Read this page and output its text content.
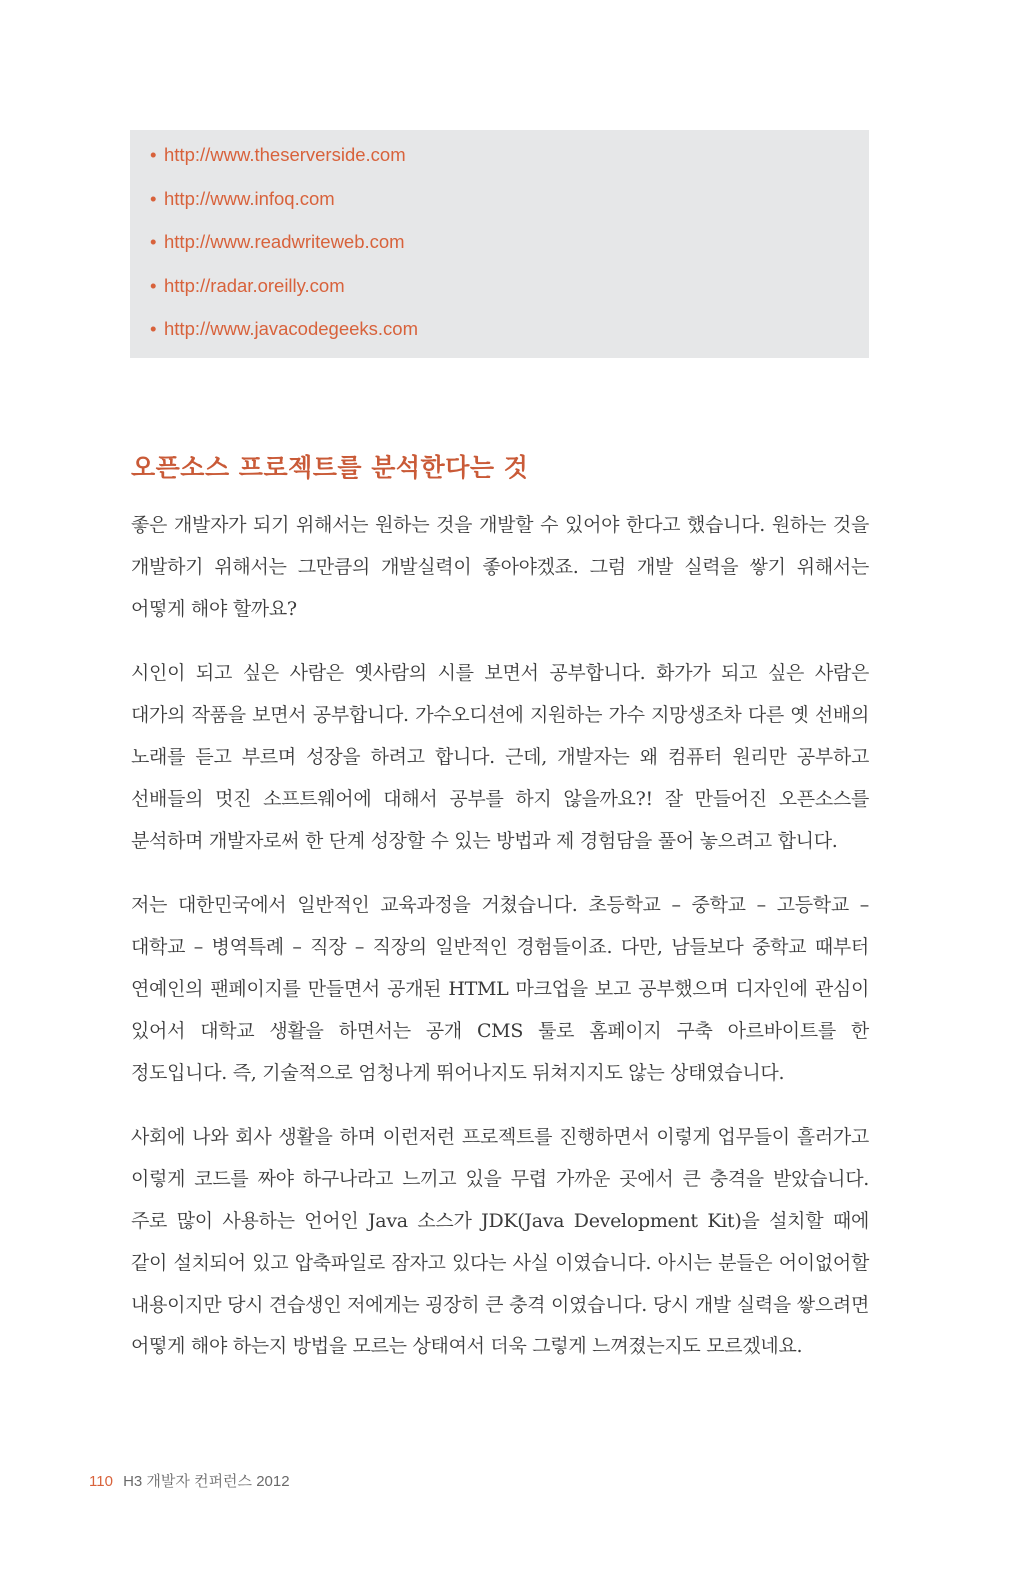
• http://www.theserverside.com
• http://www.infoq.com
• http://www.readwriteweb.com
• http://radar.oreilly.com
• http://www.javacodegeeks.com
오픈소스 프로젝트를 분석한다는 것

좋은 개발자가 되기 위해서는 원하는 것을 개발할 수 있어야 한다고 했습니다. 원하는 것을 개발하기 위해서는 그만큼의 개발실력이 좋아야겠죠. 그럼 개발 실력을 쌓기 위해서는 어떻게 해야 할까요?

시인이 되고 싶은 사람은 옛사람의 시를 보면서 공부합니다. 화가가 되고 싶은 사람은 대가의 작품을 보면서 공부합니다. 가수오디션에 지원하는 가수 지망생조차 다른 옛 선배의 노래를 듣고 부르며 성장을 하려고 합니다. 근데, 개발자는 왜 컴퓨터 원리만 공부하고 선배들의 멋진 소프트웨어에 대해서 공부를 하지 않을까요?! 잘 만들어진 오픈소스를 분석하며 개발자로써 한 단계 성장할 수 있는 방법과 제 경험담을 풀어 놓으려고 합니다.

저는 대한민국에서 일반적인 교육과정을 거쳤습니다. 초등학교 – 중학교 – 고등학교 – 대학교 – 병역특례 – 직장 – 직장의 일반적인 경험들이죠. 다만, 남들보다 중학교 때부터 연예인의 팬페이지를 만들면서 공개된 HTML 마크업을 보고 공부했으며 디자인에 관심이 있어서 대학교 생활을 하면서는 공개 CMS 툴로 홈페이지 구축 아르바이트를 한 정도입니다. 즉, 기술적으로 엄청나게 뛰어나지도 뒤쳐지지도 않는 상태였습니다.

사회에 나와 회사 생활을 하며 이런저런 프로젝트를 진행하면서 이렇게 업무들이 흘러가고 이렇게 코드를 짜야 하구나라고 느끼고 있을 무렵 가까운 곳에서 큰 충격을 받았습니다. 주로 많이 사용하는 언어인 Java 소스가 JDK(Java Development Kit)을 설치할 때에 같이 설치되어 있고 압축파일로 잠자고 있다는 사실 이였습니다. 아시는 분들은 어이없어할 내용이지만 당시 견습생인 저에게는 굉장히 큰 충격 이였습니다. 당시 개발 실력을 쌓으려면 어떻게 해야 하는지 방법을 모르는 상태여서 더욱 그렇게 느껴졌는지도 모르겠네요.

110 H3 개발자 컨퍼런스 2012
